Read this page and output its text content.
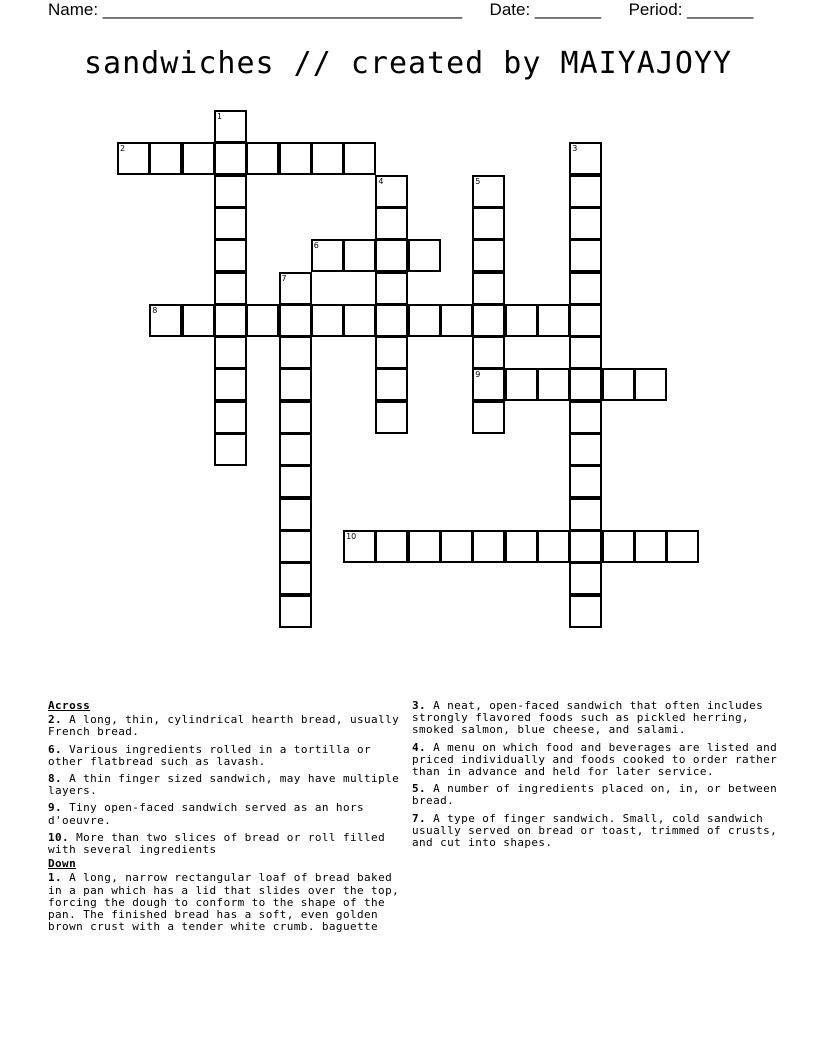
Name: ______________________________________ Date: _______ Period: _______
sandwiches // created by MAIYAJOYY
1
2	3
4	5
9
6
7
8
10
Across
2. A long, thin, cylindrical hearth bread, usually French bread.
6. Various ingredients rolled in a tortilla or other flatbread such as lavash.
8. A thin finger sized sandwich, may have multiple layers.
9. Tiny open-faced sandwich served as an hors d'oeuvre.
10. More than two slices of bread or roll filled with several ingredients
Down
1. A long, narrow rectangular loaf of bread baked in a pan which has a lid that slides over the top, forcing the dough to conform to the shape of the pan. The finished bread has a soft, even golden brown crust with a tender white crumb. baguette
3. A neat, open-faced sandwich that often includes strongly flavored foods such as pickled herring, smoked salmon, blue cheese, and salami.
4. A menu on which food and beverages are listed and priced individually and foods cooked to order rather than in advance and held for later service.
5. A number of ingredients placed on, in, or between bread.
7. A type of finger sandwich. Small, cold sandwich usually served on bread or toast, trimmed of crusts, and cut into shapes.
